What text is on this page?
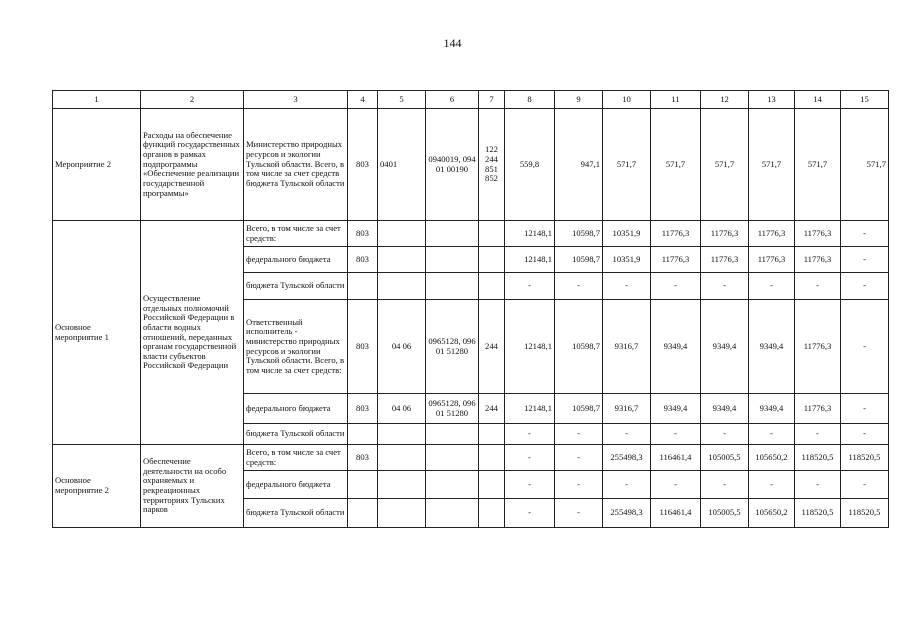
144
1	2	3	4	5	6	7	8	9	10	11	12	13	14	15
Мероприятие 2	Расходы на обеспечение функций государственных органов в рамках подпрограммы «Обеспечение реализации государственной программы»	Министерство природных ресурсов и экологии Тульской области. Всего, в том числе за счет средств бюджета Тульской области	803	0401	0940019, 094 01 00190	122 244 851 852	559,8	947,1	571,7	571,7	571,7	571,7	571,7	571,7
Основное мероприятие 1	Осуществление отдельных полномочий Российской Федерации в области водных отношений, переданных органам государственной власти субъектов Российской Федерации	Всего, в том числе за счет средств:	803				12148,1	10598,7	10351,9	11776,3	11776,3	11776,3	11776,3	-
		федерального бюджета	803				12148,1	10598,7	10351,9	11776,3	11776,3	11776,3	11776,3	-
		бюджета Тульской области					-	-	-	-	-	-	-	-
		Ответственный исполнитель - министерство природных ресурсов и экологии Тульской области. Всего, в том числе за счет средств:	803	04 06	0965128, 096 01 51280	244	12148,1	10598,7	9316,7	9349,4	9349,4	9349,4	11776,3	-
		федерального бюджета	803	04 06	0965128, 096 01 51280	244	12148,1	10598,7	9316,7	9349,4	9349,4	9349,4	11776,3	-
		бюджета Тульской области					-	-	-	-	-	-	-	-
Основное мероприятие 2	Обеспечение деятельности на особо охраняемых и рекреационных территориях Тульских парков	Всего, в том числе за счет средств:	803				-	-	255498,3	116461,4	105005,5	105650,2	118520,5	118520,5
		федерального бюджета					-	-	-	-	-	-	-	-
		бюджета Тульской области					-	-	255498,3	116461,4	105005,5	105650,2	118520,5	118520,5
